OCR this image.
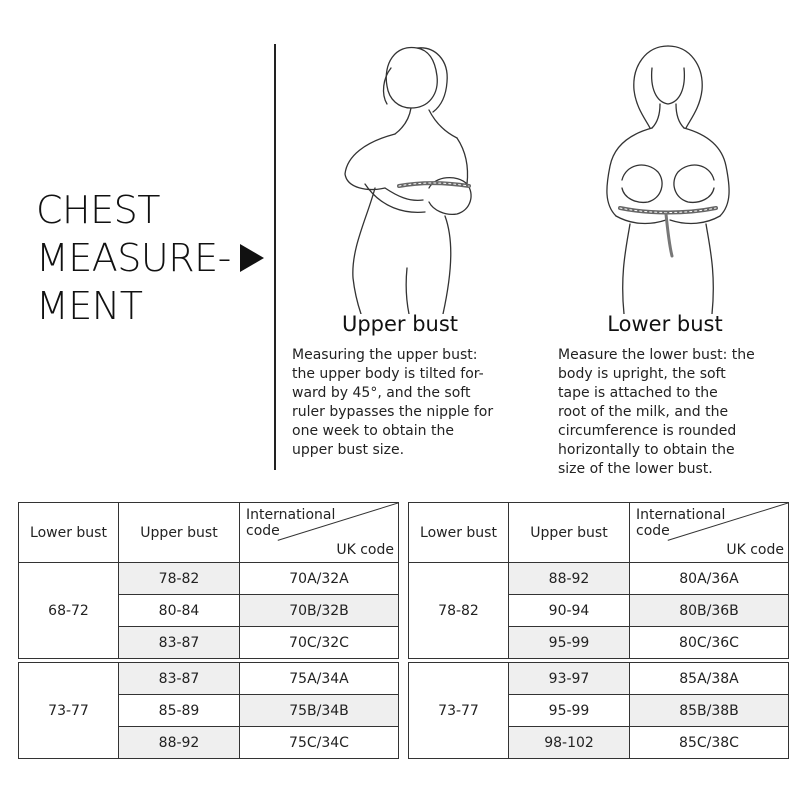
CHEST
MEASURE-
MENT	Upper bust	Lower bust
Measuring the upper bust:
the upper body is tilted for-
ward by 45°, and the soft
ruler bypasses the nipple for
one week to obtain the
upper bust size.
Measure the lower bust: the
body is upright, the soft
tape is attached to the
root of the milk, and the
circumference is rounded
horizontally to obtain the
size of the lower bust.
Lower bust	Upper bust	International
code
UK code

68-72	78-82	70A/32A
	80-84	70B/32B
	83-87	70C/32C
Lower bust	Upper bust	International
code
UK code

78-82	88-92	80A/36A
	90-94	80B/36B
	95-99	80C/36C
73-77	83-87	75A/34A
	85-89	75B/34B
	88-92	75C/34C
73-77	93-97	85A/38A
	95-99	85B/38B
	98-102	85C/38C
